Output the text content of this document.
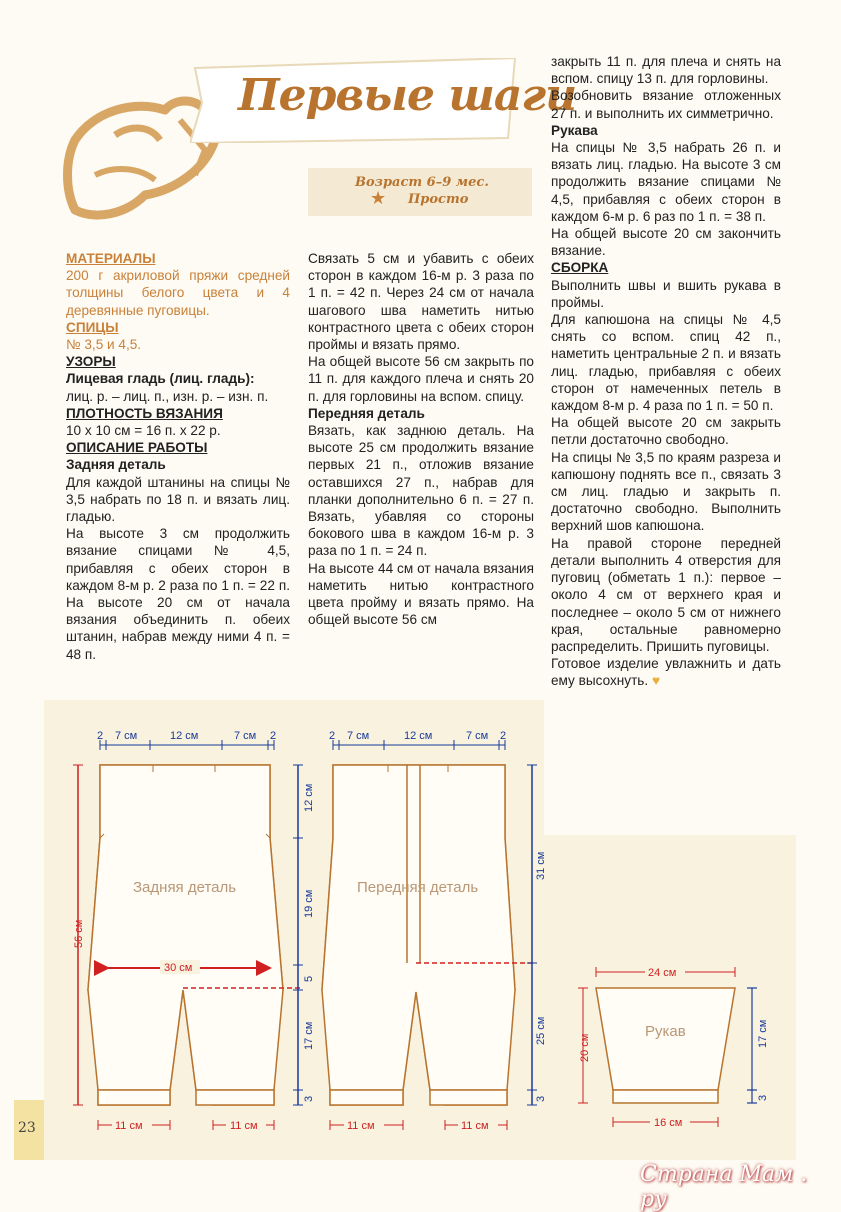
Первые шаги
Возраст 6–9 мес.
★ Просто

МАТЕРИАЛЫ

200 г акриловой пряжи средней толщины белого цвета и 4 деревянные пуговицы.

СПИЦЫ

№ 3,5 и 4,5.

УЗОРЫ

Лицевая гладь (лиц. гладь):

лиц. р. – лиц. п., изн. р. – изн. п.

ПЛОТНОСТЬ ВЯЗАНИЯ

10 x 10 см = 16 п. x 22 р.

ОПИСАНИЕ РАБОТЫ

Задняя деталь

Для каждой штанины на спицы № 3,5 набрать по 18 п. и вязать лиц. гладью.

На высоте 3 см продолжить вязание спицами № 4,5, прибавляя с обеих сторон в каждом 8-м р. 2 раза по 1 п. = 22 п. На высоте 20 см от начала вязания объединить п. обеих штанин, набрав между ними 4 п. = 48 п.

Связать 5 см и убавить с обеих сторон в каждом 16-м р. 3 раза по 1 п. = 42 п. Через 24 см от начала шагового шва наметить нитью контрастного цвета с обеих сторон проймы и вязать прямо.

На общей высоте 56 см закрыть по 11 п. для каждого плеча и снять 20 п. для горловины на вспом. спицу.

Передняя деталь

Вязать, как заднюю деталь. На высоте 25 см продолжить вязание первых 21 п., отложив вязание оставшихся 27 п., набрав для планки дополнительно 6 п. = 27 п. Вязать, убавляя со стороны бокового шва в каждом 16-м р. 3 раза по 1 п. = 24 п.

На высоте 44 см от начала вязания наметить нитью контрастного цвета пройму и вязать прямо. На общей высоте 56 см

закрыть 11 п. для плеча и снять на вспом. спицу 13 п. для горловины.

Возобновить вязание отложенных 27 п. и выполнить их симметрично.

Рукава

На спицы № 3,5 набрать 26 п. и вязать лиц. гладью. На высоте 3 см продолжить вязание спицами № 4,5, прибавляя с обеих сторон в каждом 6-м р. 6 раз по 1 п. = 38 п.

На общей высоте 20 см закончить вязание.

СБОРКА

Выполнить швы и вшить рукава в проймы.

Для капюшона на спицы № 4,5 снять со вспом. спиц 42 п., наметить центральные 2 п. и вязать лиц. гладью, прибавляя с обеих сторон от намеченных петель в каждом 8-м р. 4 раза по 1 п. = 50 п.

На общей высоте 20 см закрыть петли достаточно свободно.

На спицы № 3,5 по краям разреза и капюшону поднять все п., связать 3 см лиц. гладью и закрыть п. достаточно свободно. Выполнить верхний шов капюшона.

На правой стороне передней детали выполнить 4 отверстия для пуговиц (обметать 1 п.): первое – около 4 см от верхнего края и последнее – около 5 см от нижнего края, остальные равномерно распределить. Пришить пуговицы.

Готовое изделие увлажнить и дать ему высохнуть. ♥

2 7 см	12 см	7 см 2	2 7 см	12 см	7 см 2
56 см
30 см
12 см
19 см
5
17 см
3
31 см
25 см
3
11 см	11 см	11 см	11 см
Задняя деталь	Передняя деталь
Рукав
24 см
16 см
20 см	17 см
3
23
Страна Мам . ру
